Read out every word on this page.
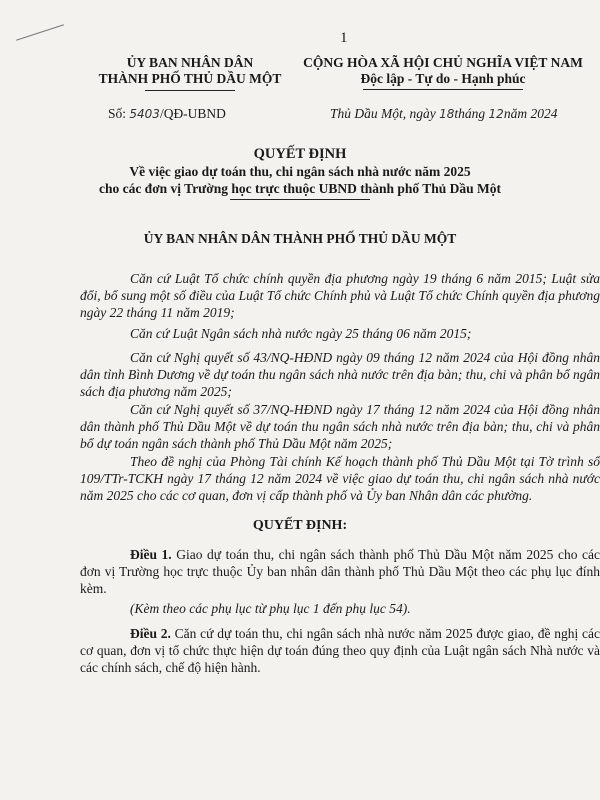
1
ỦY BAN NHÂN DÂN
THÀNH PHỐ THỦ DẦU MỘT
CỘNG HÒA XÃ HỘI CHỦ NGHĨA VIỆT NAM
Độc lập - Tự do - Hạnh phúc
Số: 5403/QĐ-UBND	Thủ Dầu Một, ngày 18tháng 12năm 2024
QUYẾT ĐỊNH
Về việc giao dự toán thu, chi ngân sách nhà nước năm 2025
cho các đơn vị Trường học trực thuộc UBND thành phố Thủ Dầu Một
ỦY BAN NHÂN DÂN THÀNH PHỐ THỦ DẦU MỘT

Căn cứ Luật Tổ chức chính quyền địa phương ngày 19 tháng 6 năm 2015; Luật sửa đổi, bổ sung một số điều của Luật Tổ chức Chính phủ và Luật Tổ chức Chính quyền địa phương ngày 22 tháng 11 năm 2019;

Căn cứ Luật Ngân sách nhà nước ngày 25 tháng 06 năm 2015;

Căn cứ Nghị quyết số 43/NQ-HĐND ngày 09 tháng 12 năm 2024 của Hội đồng nhân dân tỉnh Bình Dương về dự toán thu ngân sách nhà nước trên địa bàn; thu, chi và phân bổ ngân sách địa phương năm 2025;

Căn cứ Nghị quyết số 37/NQ-HĐND ngày 17 tháng 12 năm 2024 của Hội đồng nhân dân thành phố Thủ Dầu Một về dự toán thu ngân sách nhà nước trên địa bàn; thu, chi và phân bổ dự toán ngân sách thành phố Thủ Dầu Một năm 2025;

Theo đề nghị của Phòng Tài chính Kế hoạch thành phố Thủ Dầu Một tại Tờ trình số 109/TTr-TCKH ngày 17 tháng 12 năm 2024 về việc giao dự toán thu, chi ngân sách nhà nước năm 2025 cho các cơ quan, đơn vị cấp thành phố và Ủy ban Nhân dân các phường.

QUYẾT ĐỊNH:

Điều 1. Giao dự toán thu, chi ngân sách thành phố Thủ Dầu Một năm 2025 cho các đơn vị Trường học trực thuộc Ủy ban nhân dân thành phố Thủ Dầu Một theo các phụ lục đính kèm.

(Kèm theo các phụ lục từ phụ lục 1 đến phụ lục 54).

Điều 2. Căn cứ dự toán thu, chi ngân sách nhà nước năm 2025 được giao, đề nghị các cơ quan, đơn vị tổ chức thực hiện dự toán đúng theo quy định của Luật ngân sách Nhà nước và các chính sách, chế độ hiện hành.
